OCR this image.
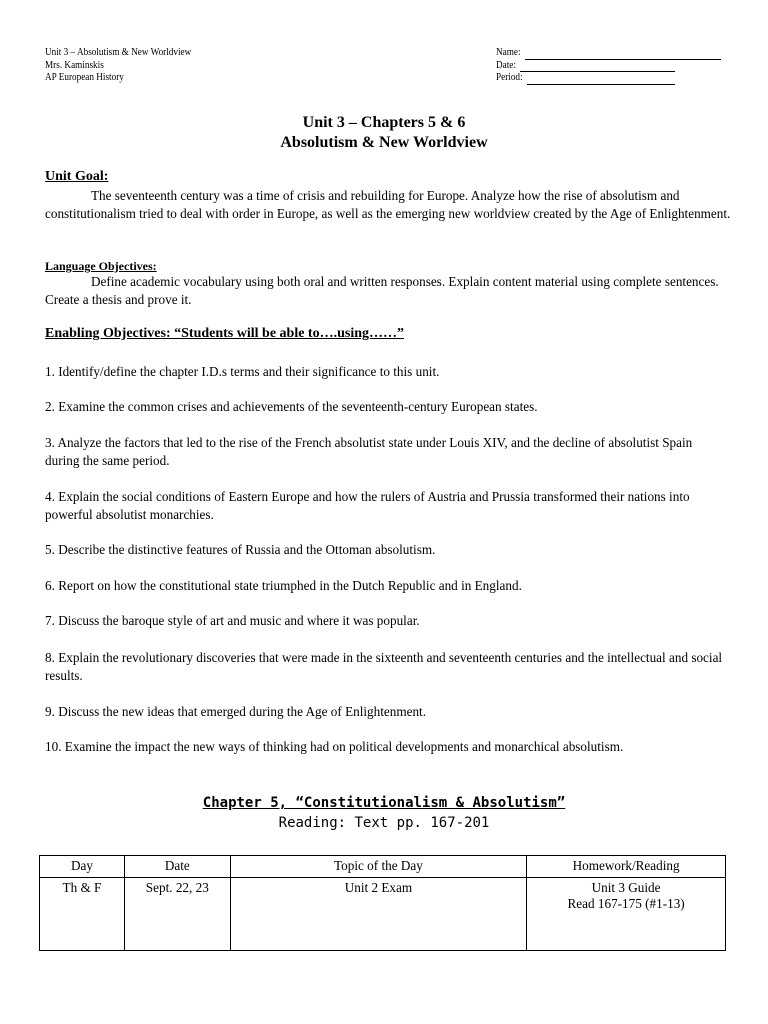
Unit 3 – Absolutism & New Worldview
Mrs. Kaminskis
AP European History
Name:
Date:
Period:
Unit 3 – Chapters 5 & 6
Absolutism & New Worldview
Unit Goal:
The seventeenth century was a time of crisis and rebuilding for Europe. Analyze how the rise of absolutism and constitutionalism tried to deal with order in Europe, as well as the emerging new worldview created by the Age of Enlightenment.
Language Objectives:
Define academic vocabulary using both oral and written responses. Explain content material using complete sentences. Create a thesis and prove it.
Enabling Objectives: “Students will be able to….using……”
1. Identify/define the chapter I.D.s terms and their significance to this unit.
2. Examine the common crises and achievements of the seventeenth-century European states.
3. Analyze the factors that led to the rise of the French absolutist state under Louis XIV, and the decline of absolutist Spain during the same period.
4. Explain the social conditions of Eastern Europe and how the rulers of Austria and Prussia transformed their nations into powerful absolutist monarchies.
5. Describe the distinctive features of Russia and the Ottoman absolutism.
6. Report on how the constitutional state triumphed in the Dutch Republic and in England.
7. Discuss the baroque style of art and music and where it was popular.
8. Explain the revolutionary discoveries that were made in the sixteenth and seventeenth centuries and the intellectual and social results.
9. Discuss the new ideas that emerged during the Age of Enlightenment.
10. Examine the impact the new ways of thinking had on political developments and monarchical absolutism.
Chapter 5, “Constitutionalism & Absolutism”
Reading: Text pp. 167-201
Day	Date	Topic of the Day	Homework/Reading
Th & F	Sept. 22, 23	Unit 2 Exam	Unit 3 Guide
Read 167-175 (#1-13)
